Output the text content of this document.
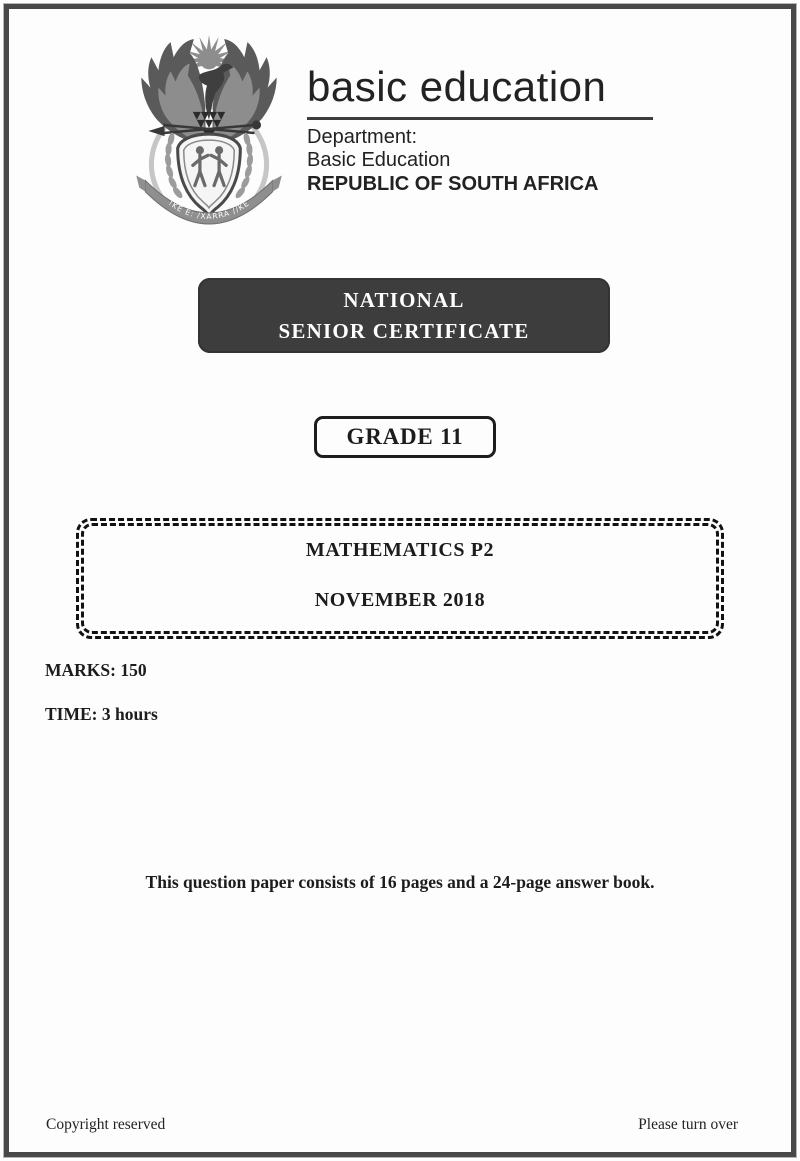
!KE E: /XARRA //KE
basic education
Department:
Basic Education
REPUBLIC OF SOUTH AFRICA
NATIONAL
SENIOR CERTIFICATE
GRADE 11
MATHEMATICS P2
NOVEMBER 2018
MARKS: 150
TIME: 3 hours
This question paper consists of 16 pages and a 24-page answer book.
Copyright reserved	Please turn over
